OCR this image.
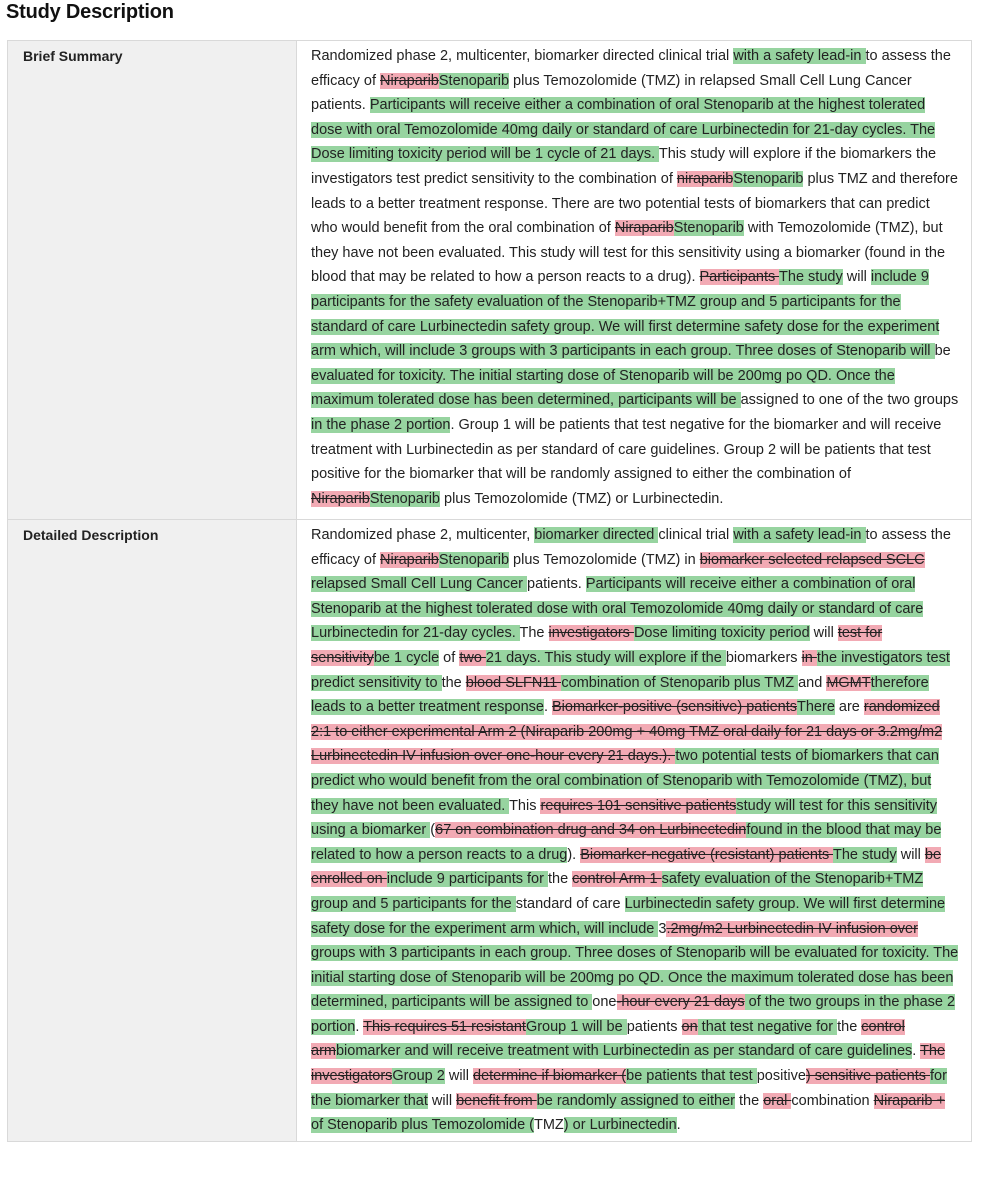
Study Description
Brief Summary	Randomized phase 2, multicenter, biomarker directed clinical trial with a safety lead-in to assess the efficacy of NiraparibStenoparib plus Temozolomide (TMZ) in relapsed Small Cell Lung Cancer patients. Participants will receive either a combination of oral Stenoparib at the highest tolerated dose with oral Temozolomide 40mg daily or standard of care Lurbinectedin for 21-day cycles. The Dose limiting toxicity period will be 1 cycle of 21 days. This study will explore if the biomarkers the investigators test predict sensitivity to the combination of niraparibStenoparib plus TMZ and therefore leads to a better treatment response. There are two potential tests of biomarkers that can predict who would benefit from the oral combination of NiraparibStenoparib with Temozolomide (TMZ), but they have not been evaluated. This study will test for this sensitivity using a biomarker (found in the blood that may be related to how a person reacts to a drug). Participants The study will include 9 participants for the safety evaluation of the Stenoparib+TMZ group and 5 participants for the standard of care Lurbinectedin safety group. We will first determine safety dose for the experiment arm which, will include 3 groups with 3 participants in each group. Three doses of Stenoparib will be evaluated for toxicity. The initial starting dose of Stenoparib will be 200mg po QD. Once the maximum tolerated dose has been determined, participants will be assigned to one of the two groups in the phase 2 portion. Group 1 will be patients that test negative for the biomarker and will receive treatment with Lurbinectedin as per standard of care guidelines. Group 2 will be patients that test positive for the biomarker that will be randomly assigned to either the combination of NiraparibStenoparib plus Temozolomide (TMZ) or Lurbinectedin.
Detailed Description	Randomized phase 2, multicenter, biomarker directed clinical trial with a safety lead-in to assess the efficacy of NiraparibStenoparib plus Temozolomide (TMZ) in biomarker selected relapsed SCLC relapsed Small Cell Lung Cancer patients. Participants will receive either a combination of oral Stenoparib at the highest tolerated dose with oral Temozolomide 40mg daily or standard of care Lurbinectedin for 21-day cycles. The investigators Dose limiting toxicity period will test for sensitivitybe 1 cycle of two 21 days. This study will explore if the biomarkers in the investigators test predict sensitivity to the blood SLFN11 combination of Stenoparib plus TMZ and MGMTtherefore leads to a better treatment response. Biomarker-positive (sensitive) patientsThere are randomized 2:1 to either experimental Arm 2 (Niraparib 200mg + 40mg TMZ oral daily for 21 days or 3.2mg/m2 Lurbinectedin IV infusion over one-hour every 21 days.). two potential tests of biomarkers that can predict who would benefit from the oral combination of Stenoparib with Temozolomide (TMZ), but they have not been evaluated. This requires 101 sensitive patientsstudy will test for this sensitivity using a biomarker (67 on combination drug and 34 on Lurbinectedinfound in the blood that may be related to how a person reacts to a drug). Biomarker-negative (resistant) patients The study will be enrolled on include 9 participants for the control Arm 1 safety evaluation of the Stenoparib+TMZ group and 5 participants for the standard of care Lurbinectedin safety group. We will first determine safety dose for the experiment arm which, will include 3.2mg/m2 Lurbinectedin IV infusion over groups with 3 participants in each group. Three doses of Stenoparib will be evaluated for toxicity. The initial starting dose of Stenoparib will be 200mg po QD. Once the maximum tolerated dose has been determined, participants will be assigned to one-hour every 21 days of the two groups in the phase 2 portion. This requires 51 resistantGroup 1 will be patients on that test negative for the control armbiomarker and will receive treatment with Lurbinectedin as per standard of care guidelines. The investigatorsGroup 2 will determine if biomarker (be patients that test positive) sensitive patients for the biomarker that will benefit from be randomly assigned to either the oral combination Niraparib + of Stenoparib plus Temozolomide (TMZ) or Lurbinectedin.
